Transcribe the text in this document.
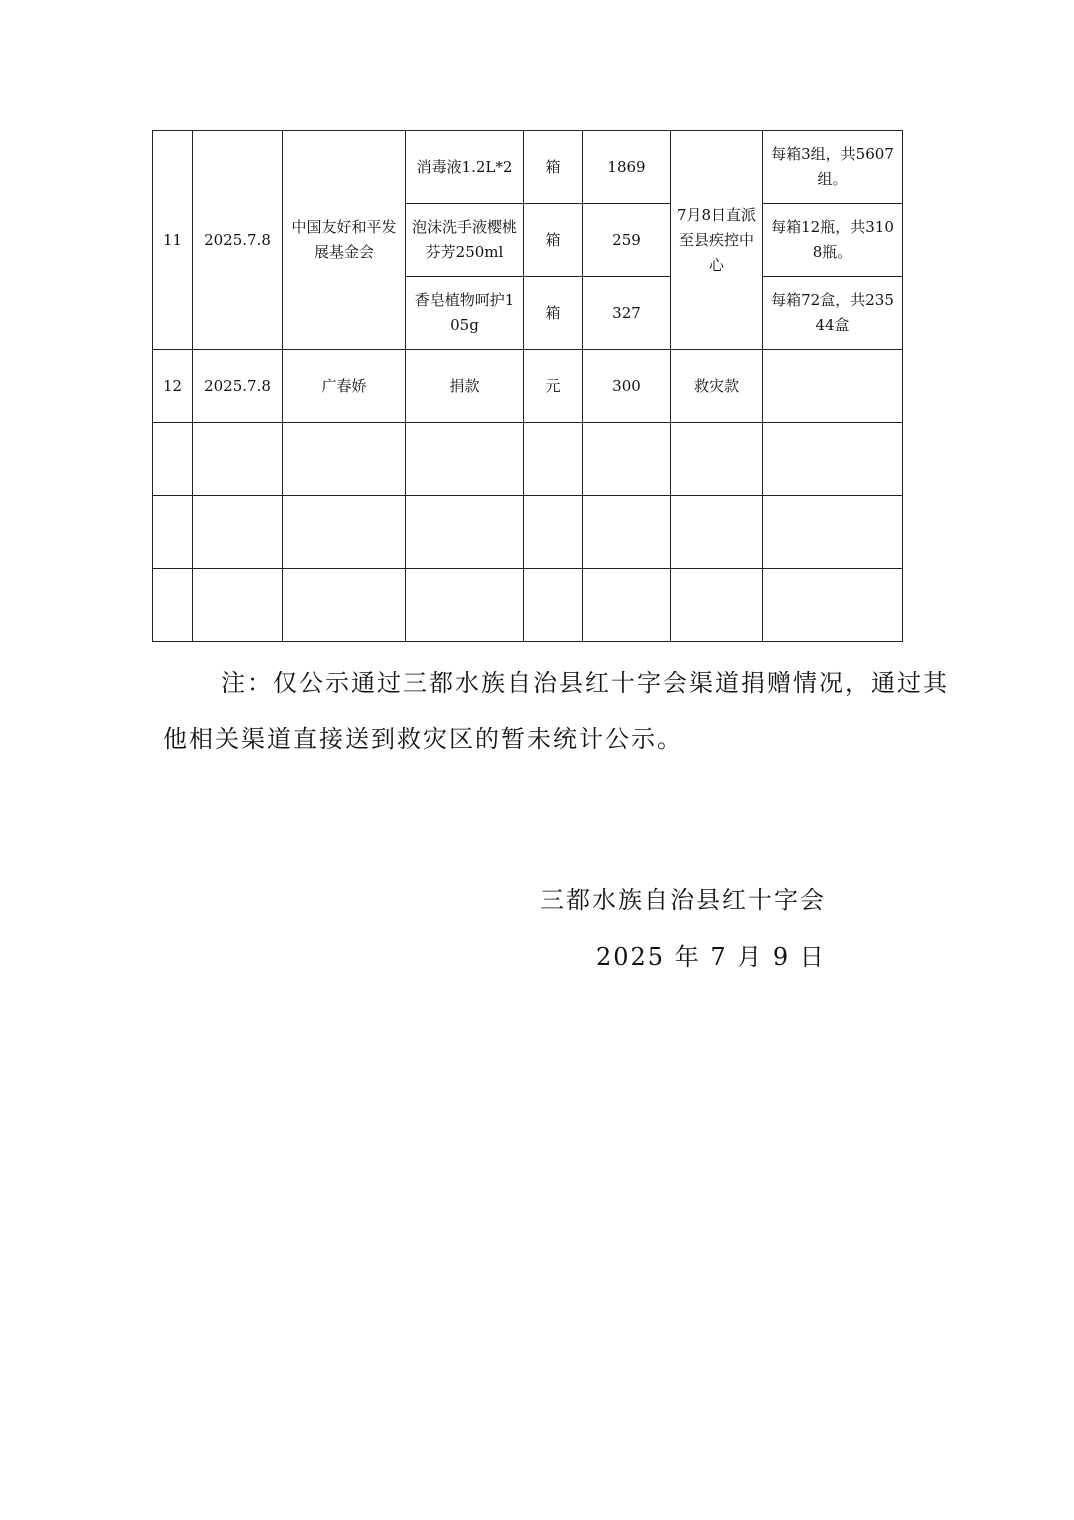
11	2025.7.8	中国友好和平发展基金会	消毒液1.2L*2	箱	1869	7月8日直派至县疾控中心	每箱3组，共5607组。
			泡沫洗手液樱桃芬芳250ml	箱	259		每箱12瓶，共3108瓶。
			香皂植物呵护105g	箱	327		每箱72盒，共23544盒
12	2025.7.8	广春娇	捐款	元	300	救灾款	

注：仅公示通过三都水族自治县红十字会渠道捐赠情况，通过其他相关渠道直接送到救灾区的暂未统计公示。
三都水族自治县红十字会
2025 年 7 月 9 日
